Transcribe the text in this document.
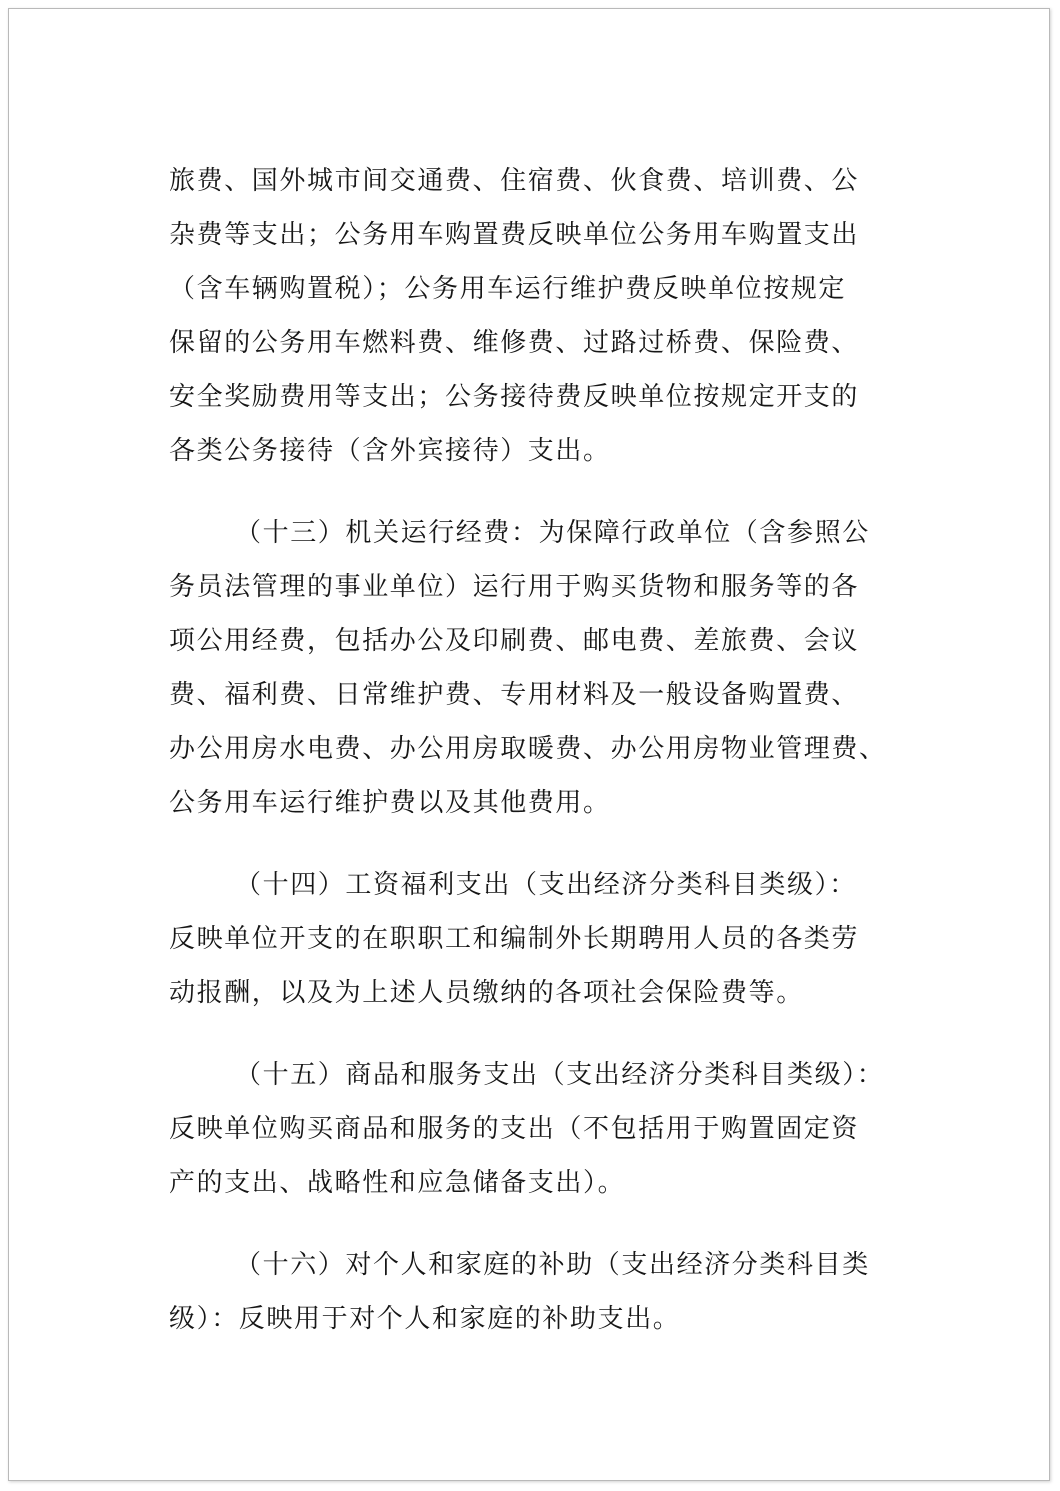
旅费、国外城市间交通费、住宿费、伙食费、培训费、公
杂费等支出；公务用车购置费反映单位公务用车购置支出
（含车辆购置税）；公务用车运行维护费反映单位按规定
保留的公务用车燃料费、维修费、过路过桥费、保险费、
安全奖励费用等支出；公务接待费反映单位按规定开支的
各类公务接待（含外宾接待）支出。
（十三）机关运行经费：为保障行政单位（含参照公
务员法管理的事业单位）运行用于购买货物和服务等的各
项公用经费，包括办公及印刷费、邮电费、差旅费、会议
费、福利费、日常维护费、专用材料及一般设备购置费、
办公用房水电费、办公用房取暖费、办公用房物业管理费、
公务用车运行维护费以及其他费用。
（十四）工资福利支出（支出经济分类科目类级）：
反映单位开支的在职职工和编制外长期聘用人员的各类劳
动报酬，以及为上述人员缴纳的各项社会保险费等。
（十五）商品和服务支出（支出经济分类科目类级）：
反映单位购买商品和服务的支出（不包括用于购置固定资
产的支出、战略性和应急储备支出）。
（十六）对个人和家庭的补助（支出经济分类科目类
级）：反映用于对个人和家庭的补助支出。
